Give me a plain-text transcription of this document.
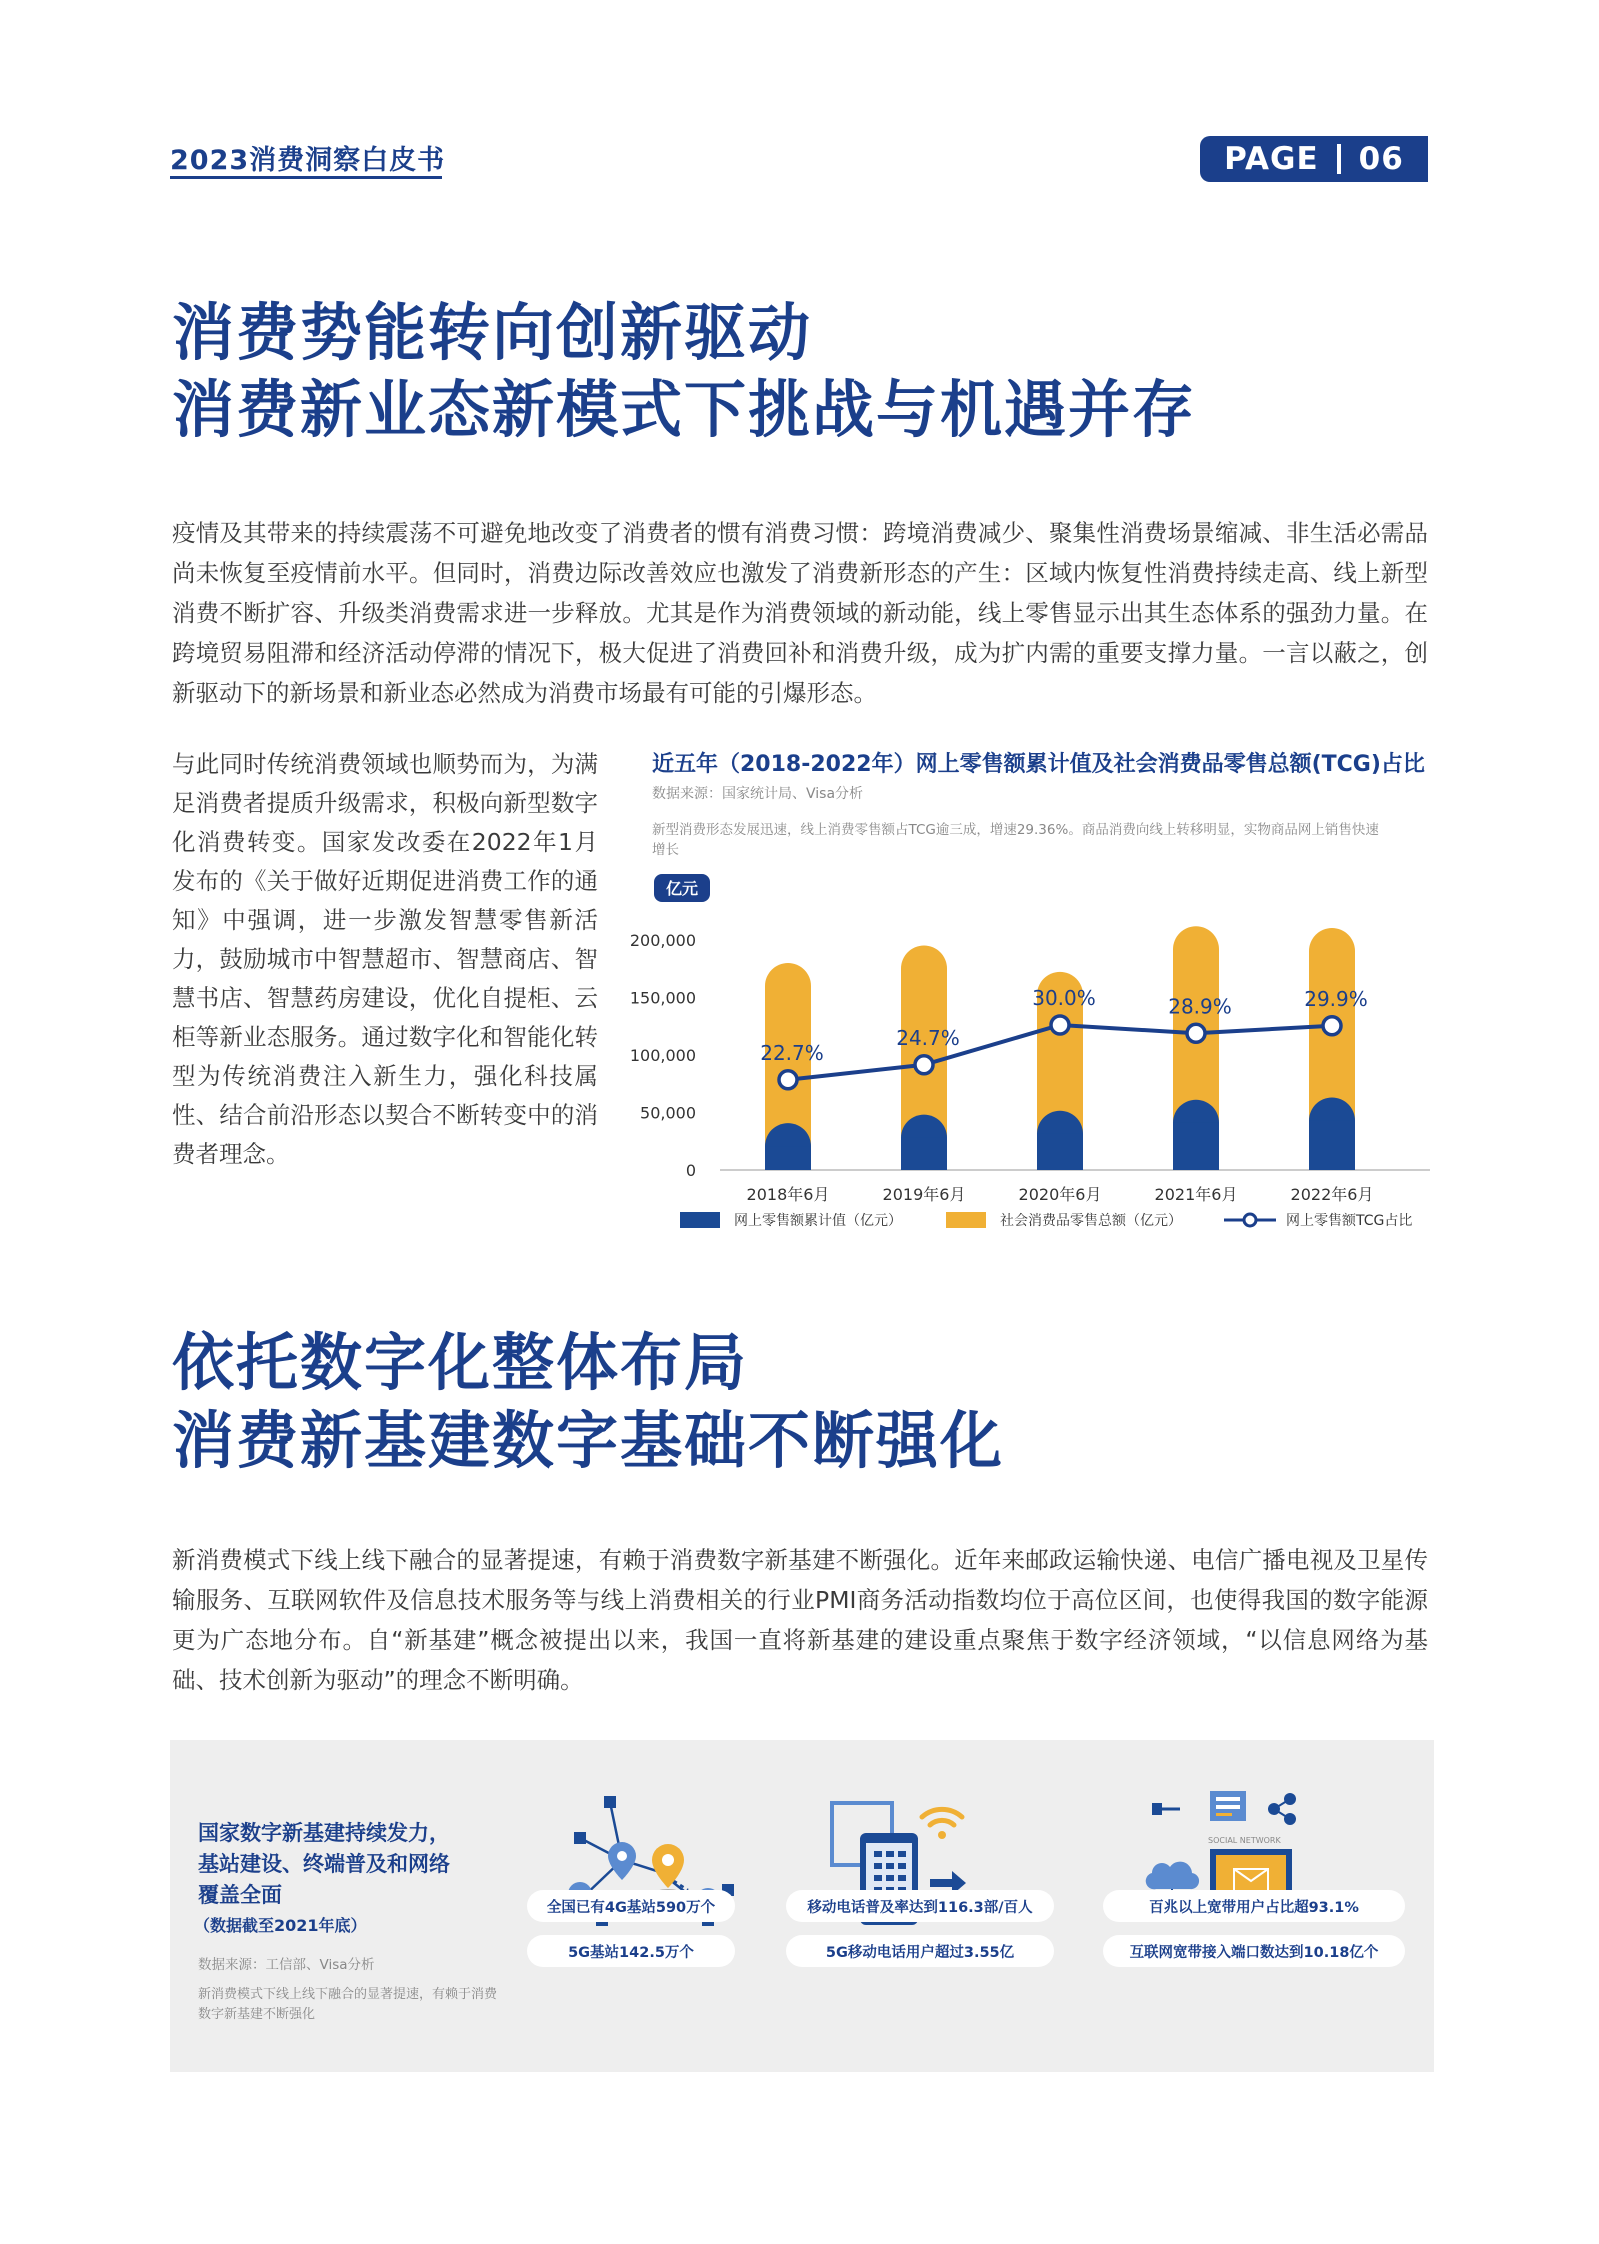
2023消费洞察白皮书	PAGE 06
消费势能转向创新驱动
消费新业态新模式下挑战与机遇并存
疫情及其带来的持续震荡不可避免地改变了消费者的惯有消费习惯：跨境消费减少、聚集性消费场景缩减、非生活必需品尚未恢复至疫情前水平。但同时，消费边际改善效应也激发了消费新形态的产生：区域内恢复性消费持续走高、线上新型消费不断扩容、升级类消费需求进一步释放。尤其是作为消费领域的新动能，线上零售显示出其生态体系的强劲力量。在跨境贸易阻滞和经济活动停滞的情况下，极大促进了消费回补和消费升级，成为扩内需的重要支撑力量。一言以蔽之，创新驱动下的新场景和新业态必然成为消费市场最有可能的引爆形态。
与此同时传统消费领域也顺势而为，为满足消费者提质升级需求，积极向新型数字化消费转变。国家发改委在2022年1月发布的《关于做好近期促进消费工作的通知》中强调，进一步激发智慧零售新活力，鼓励城市中智慧超市、智慧商店、智慧书店、智慧药房建设，优化自提柜、云柜等新业态服务。通过数字化和智能化转型为传统消费注入新生力，强化科技属性、结合前沿形态以契合不断转变中的消费者理念。
近五年（2018-2022年）网上零售额累计值及社会消费品零售总额(TCG)占比
数据来源：国家统计局、Visa分析
新型消费形态发展迅速，线上消费零售额占TCG逾三成，增速29.36%。商品消费向线上转移明显，实物商品网上销售快速增长
亿元
200,000
150,000
100,000
50,000
0
2018年6月	2019年6月	2020年6月	2021年6月	2022年6月
22.7%
24.7%
30.0%	28.9%	29.9%
网上零售额累计值（亿元）	社会消费品零售总额（亿元）	网上零售额TCG占比
依托数字化整体布局
消费新基建数字基础不断强化
新消费模式下线上线下融合的显著提速，有赖于消费数字新基建不断强化。近年来邮政运输快递、电信广播电视及卫星传输服务、互联网软件及信息技术服务等与线上消费相关的行业PMI商务活动指数均位于高位区间，也使得我国的数字能源更为广态地分布。自“新基建”概念被提出以来，我国一直将新基建的建设重点聚焦于数字经济领域，“以信息网络为基础、技术创新为驱动”的理念不断明确。
国家数字新基建持续发力，
基站建设、终端普及和网络
覆盖全面
（数据截至2021年底）
数据来源：工信部、Visa分析
新消费模式下线上线下融合的显著提速，有赖于消费数字新基建不断强化
SOCIAL NETWORK
全国已有4G基站590万个
5G基站142.5万个
移动电话普及率达到116.3部/百人
5G移动电话用户超过3.55亿
百兆以上宽带用户占比超93.1%
互联网宽带接入端口数达到10.18亿个
